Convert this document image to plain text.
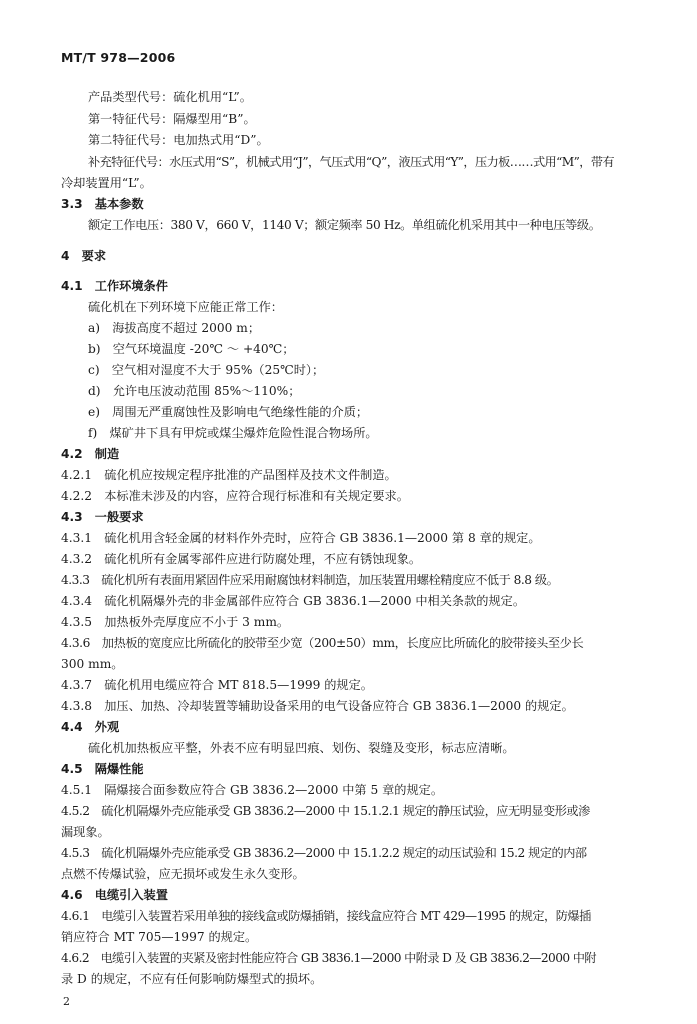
MT/T 978—2006
产品类型代号：硫化机用“L”。
第一特征代号：隔爆型用“B”。
第二特征代号：电加热式用“D”。
补充特征代号：水压式用“S”，机械式用“J”，气压式用“Q”，液压式用“Y”，压力板……式用“M”，带有
冷却装置用“L”。
3.3　基本参数
额定工作电压：380 V，660 V，1140 V；额定频率 50 Hz。单组硫化机采用其中一种电压等级。
4　要求
4.1　工作环境条件
硫化机在下列环境下应能正常工作：
a)　海拔高度不超过 2000 m；
b)　空气环境温度 -20℃ ～ +40℃；
c)　空气相对湿度不大于 95%（25℃时）；
d)　允许电压波动范围 85%～110%；
e)　周围无严重腐蚀性及影响电气绝缘性能的介质；
f)　煤矿井下具有甲烷或煤尘爆炸危险性混合物场所。
4.2　制造
4.2.1　硫化机应按规定程序批准的产品图样及技术文件制造。
4.2.2　本标准未涉及的内容，应符合现行标准和有关规定要求。
4.3　一般要求
4.3.1　硫化机用含轻金属的材料作外壳时，应符合 GB 3836.1—2000 第 8 章的规定。
4.3.2　硫化机所有金属零部件应进行防腐处理，不应有锈蚀现象。
4.3.3　硫化机所有表面用紧固件应采用耐腐蚀材料制造，加压装置用螺栓精度应不低于 8.8 级。
4.3.4　硫化机隔爆外壳的非金属部件应符合 GB 3836.1—2000 中相关条款的规定。
4.3.5　加热板外壳厚度应不小于 3 mm。
4.3.6　加热板的宽度应比所硫化的胶带至少宽（200±50）mm，长度应比所硫化的胶带接头至少长
300 mm。
4.3.7　硫化机用电缆应符合 MT 818.5—1999 的规定。
4.3.8　加压、加热、冷却装置等辅助设备采用的电气设备应符合 GB 3836.1—2000 的规定。
4.4　外观
硫化机加热板应平整，外表不应有明显凹痕、划伤、裂缝及变形，标志应清晰。
4.5　隔爆性能
4.5.1　隔爆接合面参数应符合 GB 3836.2—2000 中第 5 章的规定。
4.5.2　硫化机隔爆外壳应能承受 GB 3836.2—2000 中 15.1.2.1 规定的静压试验，应无明显变形或渗
漏现象。
4.5.3　硫化机隔爆外壳应能承受 GB 3836.2—2000 中 15.1.2.2 规定的动压试验和 15.2 规定的内部
点燃不传爆试验，应无损坏或发生永久变形。
4.6　电缆引入装置
4.6.1　电缆引入装置若采用单独的接线盒或防爆插销，接线盒应符合 MT 429—1995 的规定，防爆插
销应符合 MT 705—1997 的规定。
4.6.2　电缆引入装置的夹紧及密封性能应符合 GB 3836.1—2000 中附录 D 及 GB 3836.2—2000 中附
录 D 的规定，不应有任何影响防爆型式的损坏。
2
